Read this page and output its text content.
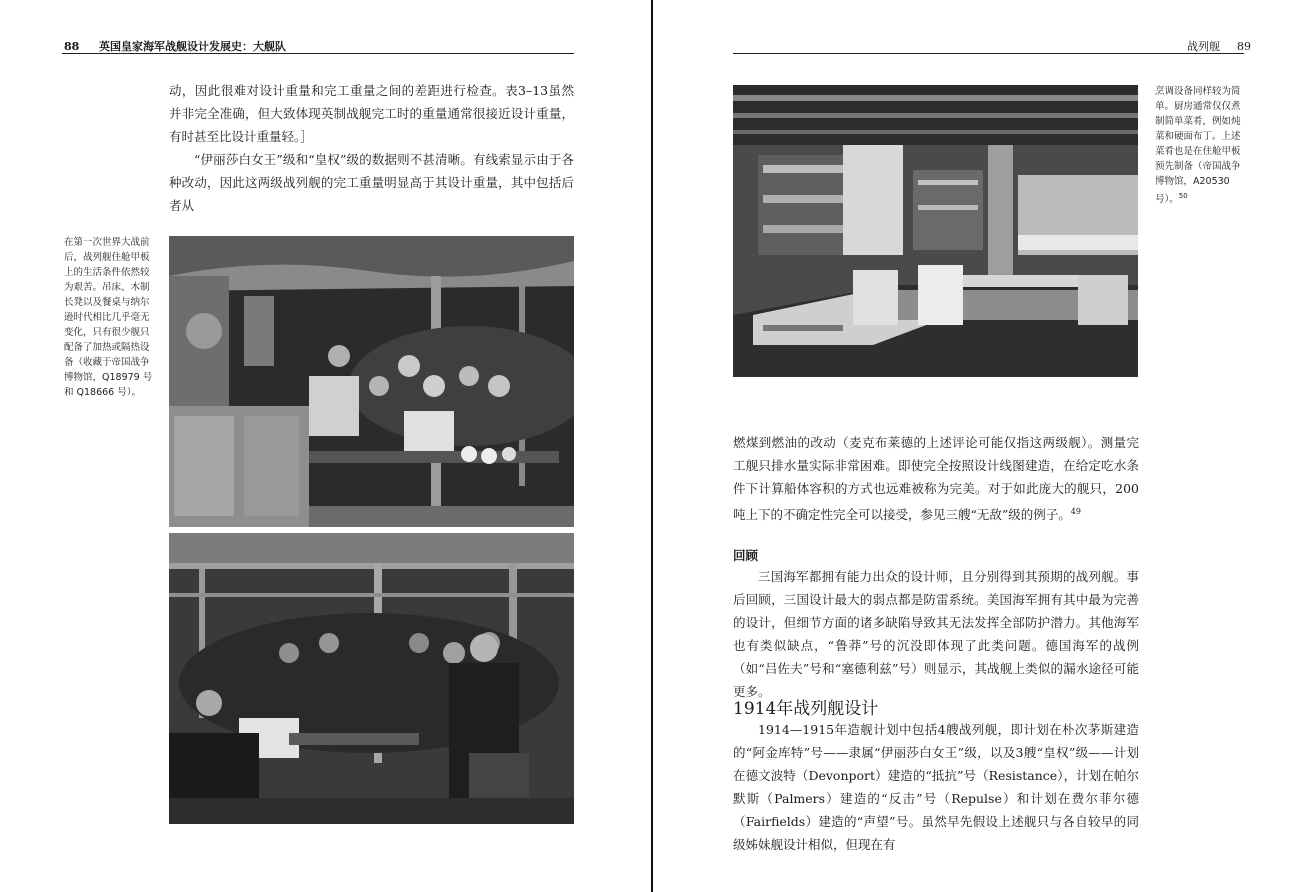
88 英国皇家海军战舰设计发展史：大舰队

动，因此很难对设计重量和完工重量之间的差距进行检查。表3–13虽然并非完全准确，但大致体现英制战舰完工时的重量通常很接近设计重量，有时甚至比设计重量轻。］

“伊丽莎白女王”级和“皇权”级的数据则不甚清晰。有线索显示由于各种改动，因此这两级战列舰的完工重量明显高于其设计重量，其中包括后者从

在第一次世界大战前后，战列舰住舱甲板上的生活条件依然较为艰苦。吊床、木制长凳以及餐桌与纳尔逊时代相比几乎毫无变化，只有很少舰只配备了加热或隔热设备（收藏于帝国战争博物馆，Q18979 号和 Q18666 号）。

战列舰 89

烹调设备同样较为简单。厨房通常仅仅煮制简单菜肴，例如炖菜和硬面布丁。上述菜肴也是在住舱甲板预先制备（帝国战争博物馆，A20530 号）。$^{50}$

燃煤到燃油的改动（麦克布莱德的上述评论可能仅指这两级舰）。测量完工舰只排水量实际非常困难。即使完全按照设计线图建造，在给定吃水条件下计算船体容积的方式也远难被称为完美。对于如此庞大的舰只，200吨上下的不确定性完全可以接受，参见三艘“无敌”级的例子。$^{49}$

回顾

三国海军都拥有能力出众的设计师，且分别得到其预期的战列舰。事后回顾，三国设计最大的弱点都是防雷系统。美国海军拥有其中最为完善的设计，但细节方面的诸多缺陷导致其无法发挥全部防护潜力。其他海军也有类似缺点，“鲁莽”号的沉没即体现了此类问题。德国海军的战例（如“吕佐夫”号和“塞德利兹”号）则显示，其战舰上类似的漏水途径可能更多。

1914年战列舰设计

1914—1915年造舰计划中包括4艘战列舰，即计划在朴次茅斯建造的“阿金库特”号——隶属“伊丽莎白女王”级，以及3艘“皇权”级——计划在德文波特（Devonport）建造的“抵抗”号（Resistance），计划在帕尔默斯（Palmers）建造的“反击”号（Repulse）和计划在费尔菲尔德（Fairfields）建造的“声望”号。虽然早先假设上述舰只与各自较早的同级姊妹舰设计相似，但现在有
